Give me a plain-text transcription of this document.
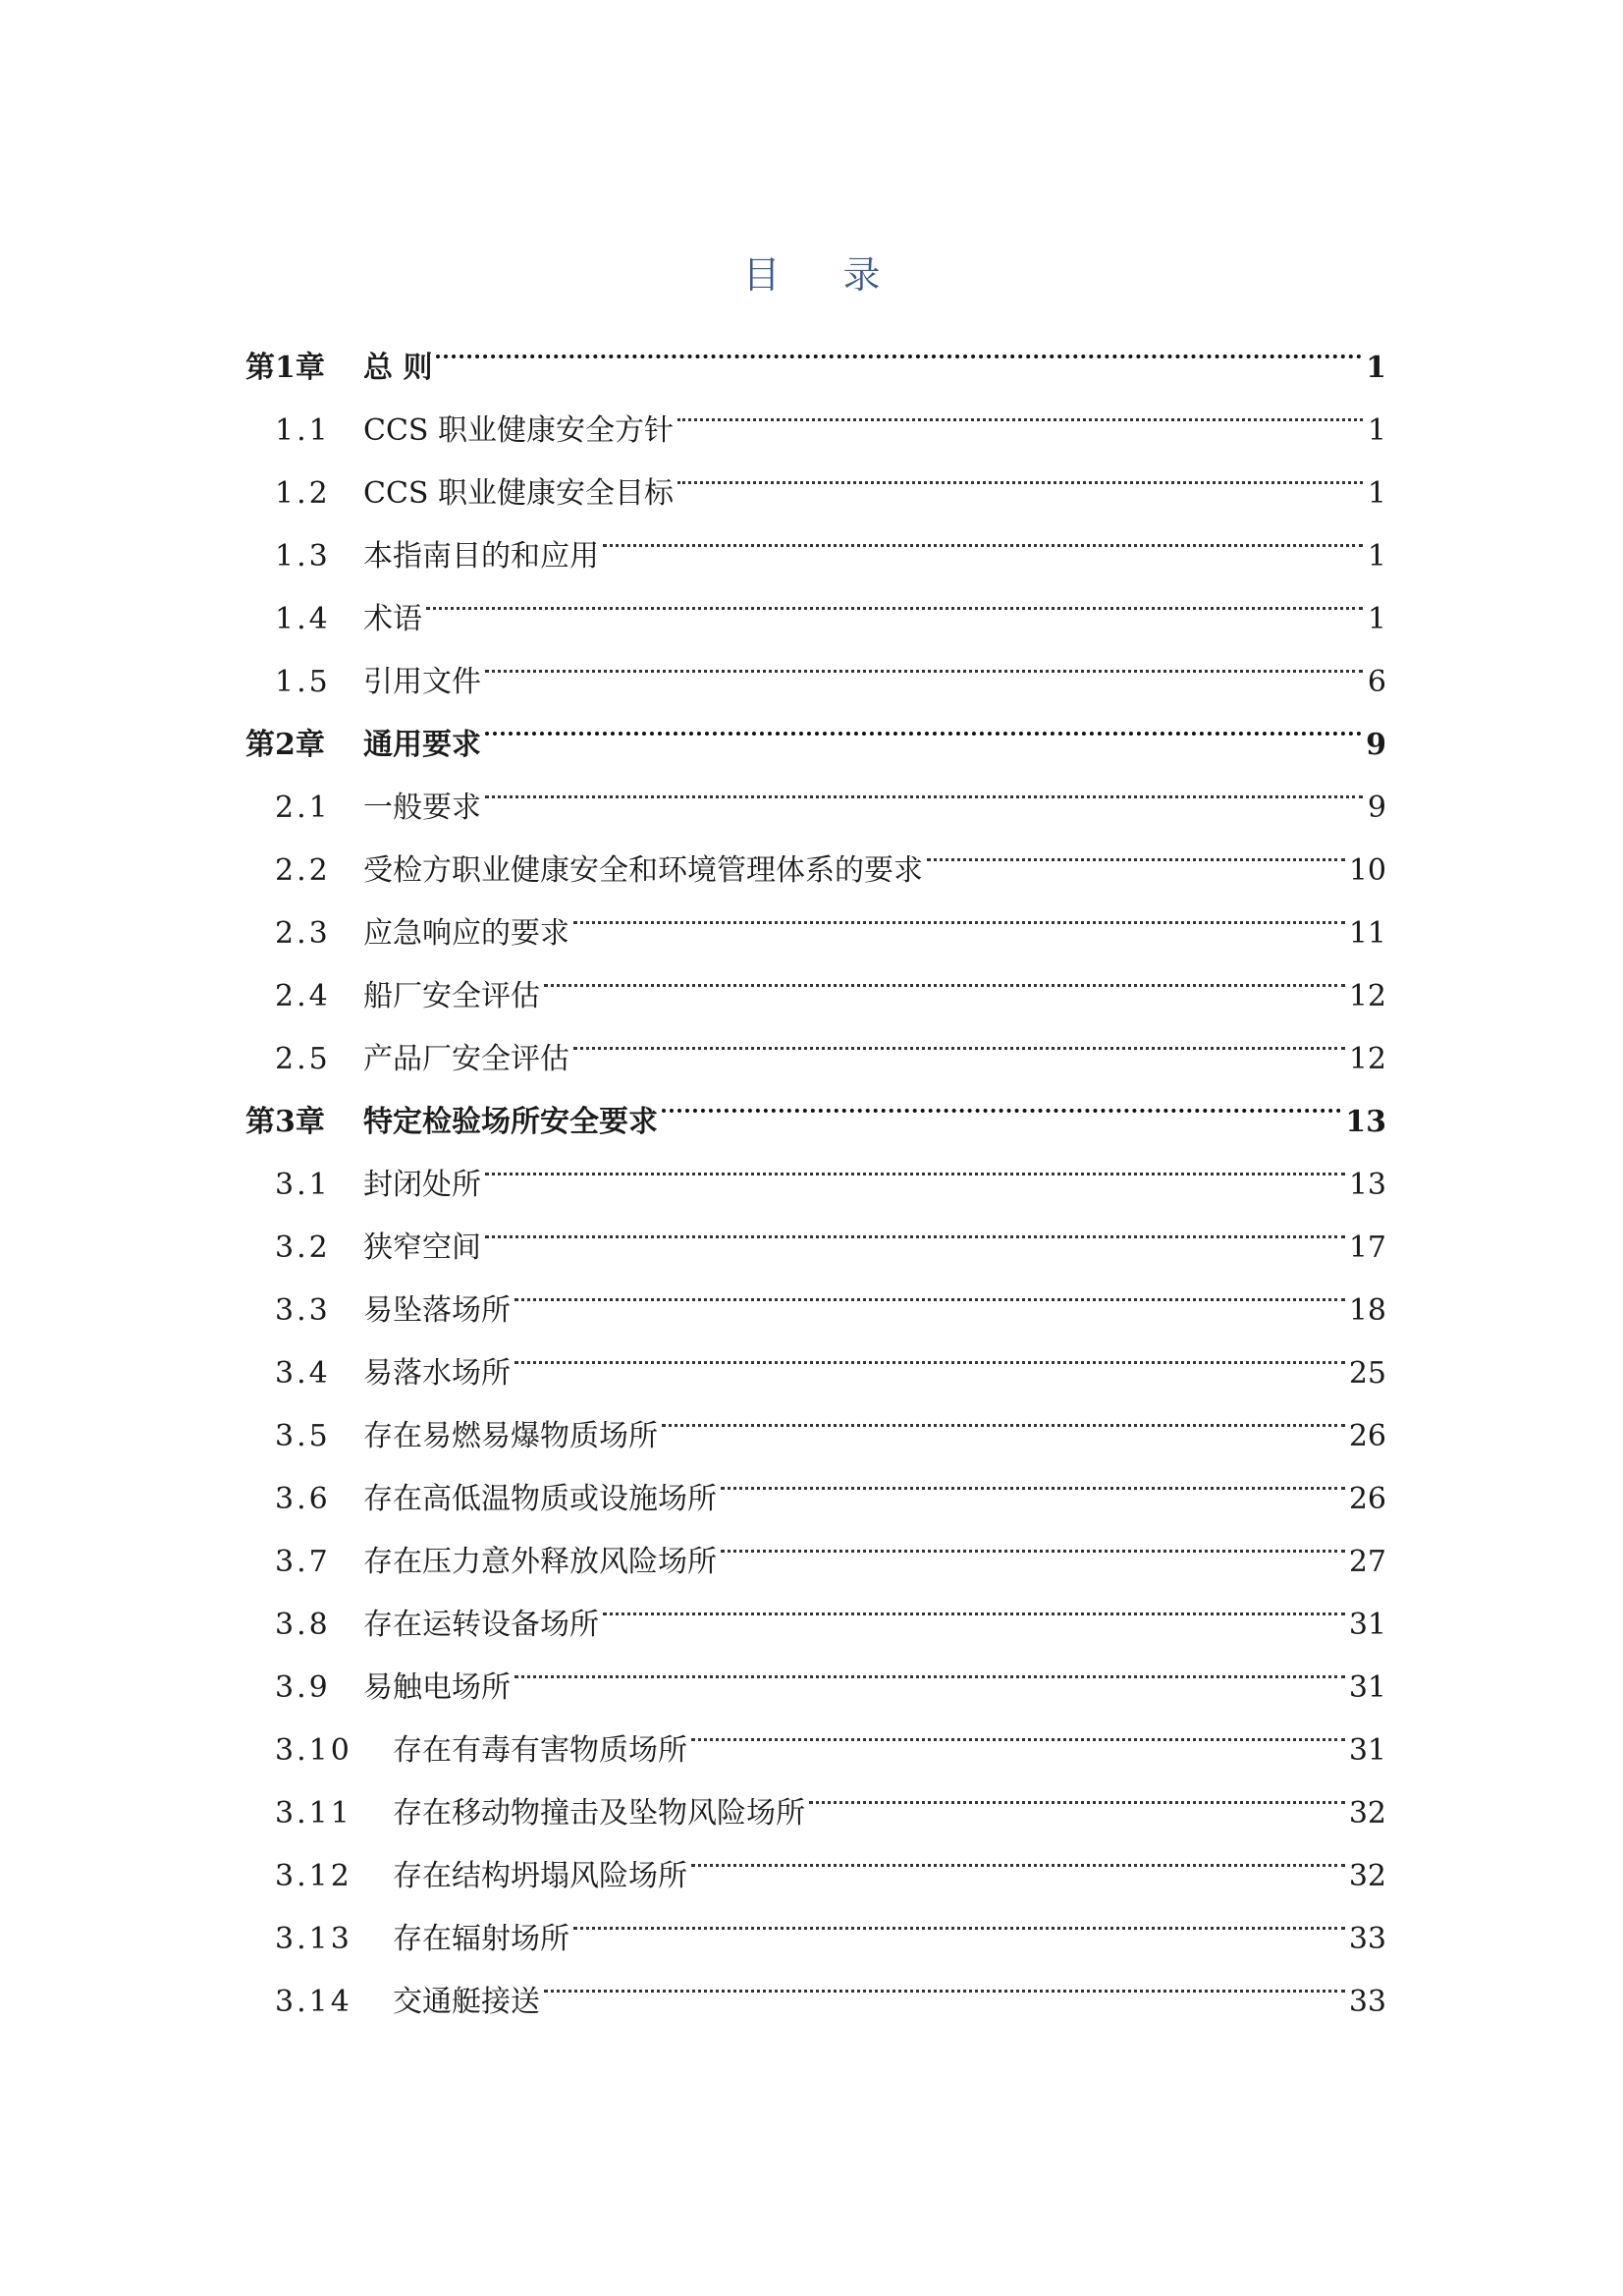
目 录
第1章	总 则	1
1.1	CCS 职业健康安全方针	1
1.2	CCS 职业健康安全目标	1
1.3	本指南目的和应用	1
1.4	术语	1
1.5	引用文件	6
第2章	通用要求	9
2.1	一般要求	9
2.2	受检方职业健康安全和环境管理体系的要求	10
2.3	应急响应的要求	11
2.4	船厂安全评估	12
2.5	产品厂安全评估	12
第3章	特定检验场所安全要求	13
3.1	封闭处所	13
3.2	狭窄空间	17
3.3	易坠落场所	18
3.4	易落水场所	25
3.5	存在易燃易爆物质场所	26
3.6	存在高低温物质或设施场所	26
3.7	存在压力意外释放风险场所	27
3.8	存在运转设备场所	31
3.9	易触电场所	31
3.10	存在有毒有害物质场所	31
3.11	存在移动物撞击及坠物风险场所	32
3.12	存在结构坍塌风险场所	32
3.13	存在辐射场所	33
3.14	交通艇接送	33
